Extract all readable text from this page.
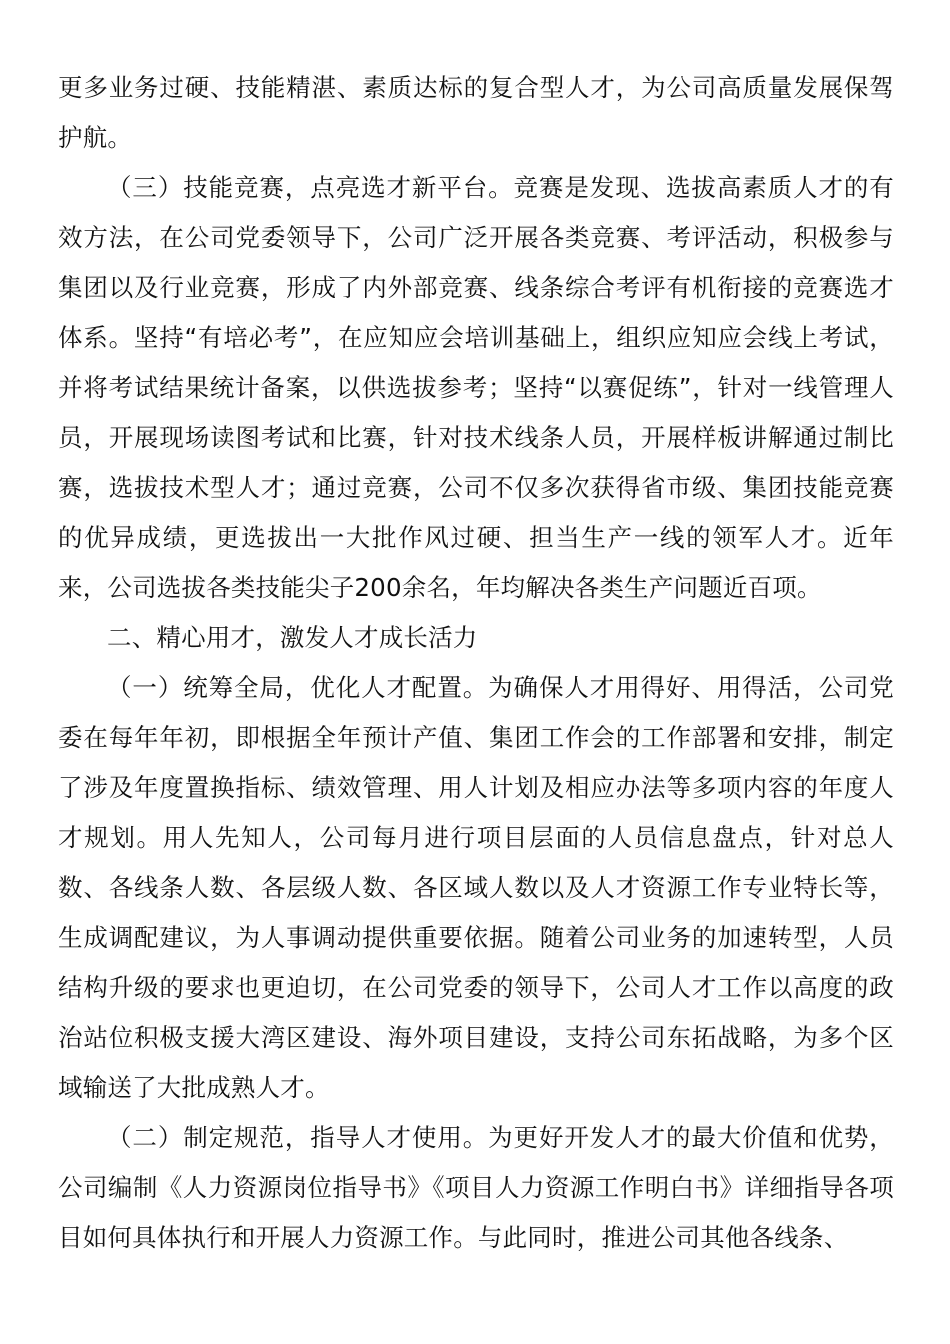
更多业务过硬、技能精湛、素质达标的复合型人才，为公司高质量发展保驾护航。

（三）技能竞赛，点亮选才新平台。竞赛是发现、选拔高素质人才的有效方法，在公司党委领导下，公司广泛开展各类竞赛、考评活动，积极参与集团以及行业竞赛，形成了内外部竞赛、线条综合考评有机衔接的竞赛选才体系。坚持“有培必考”，在应知应会培训基础上，组织应知应会线上考试，并将考试结果统计备案，以供选拔参考；坚持“以赛促练”，针对一线管理人员，开展现场读图考试和比赛，针对技术线条人员，开展样板讲解通过制比赛，选拔技术型人才；通过竞赛，公司不仅多次获得省市级、集团技能竞赛的优异成绩，更选拔出一大批作风过硬、担当生产一线的领军人才。近年来，公司选拔各类技能尖子200余名，年均解决各类生产问题近百项。

二、精心用才，激发人才成长活力

（一）统筹全局，优化人才配置。为确保人才用得好、用得活，公司党委在每年年初，即根据全年预计产值、集团工作会的工作部署和安排，制定了涉及年度置换指标、绩效管理、用人计划及相应办法等多项内容的年度人才规划。用人先知人，公司每月进行项目层面的人员信息盘点，针对总人数、各线条人数、各层级人数、各区域人数以及人才资源工作专业特长等，生成调配建议，为人事调动提供重要依据。随着公司业务的加速转型，人员结构升级的要求也更迫切，在公司党委的领导下，公司人才工作以高度的政治站位积极支援大湾区建设、海外项目建设，支持公司东拓战略，为多个区域输送了大批成熟人才。

（二）制定规范，指导人才使用。为更好开发人才的最大价值和优势，公司编制《人力资源岗位指导书》《项目人力资源工作明白书》详细指导各项目如何具体执行和开展人力资源工作。与此同时，推进公司其他各线条、
